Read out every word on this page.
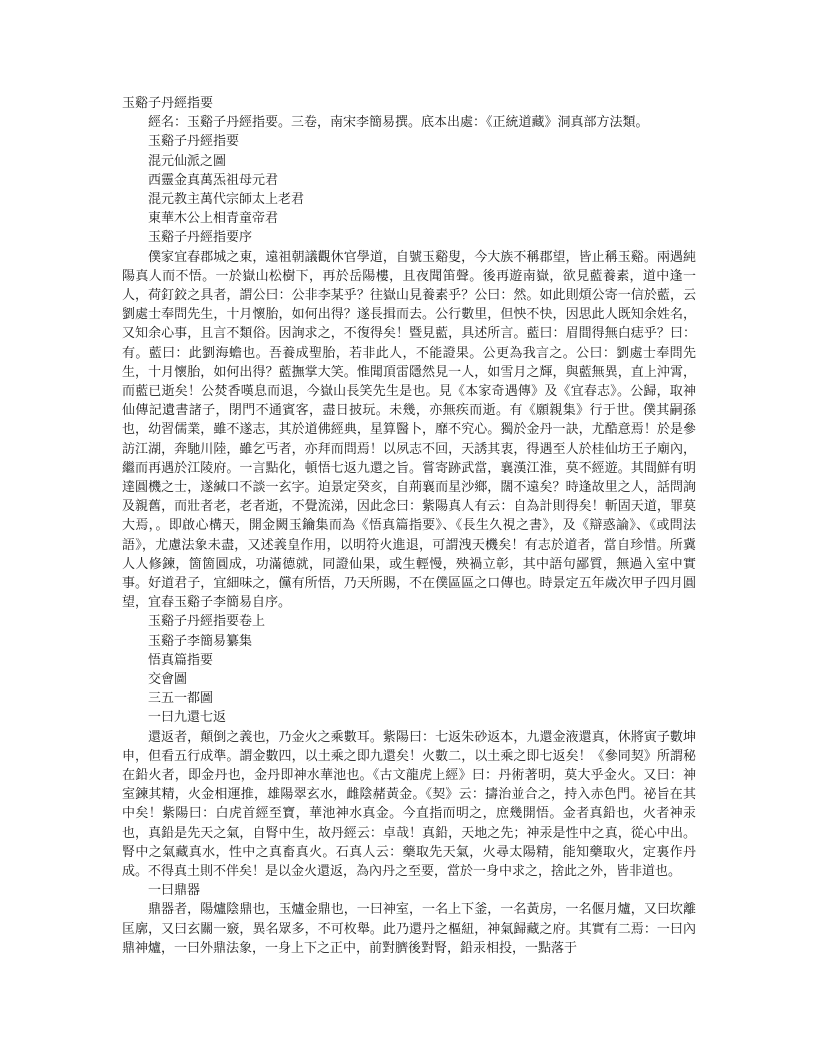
玉谿子丹經指要
經名：玉谿子丹經指要。三卷，南宋李簡易撰。底本出處：《正統道藏》洞真部方法類。
玉谿子丹經指要
混元仙派之圖
西靈金真萬炁祖母元君
混元教主萬代宗師太上老君
東華木公上相青童帝君
玉谿子丹經指要序
僕家宜春郡城之東，遠祖朝議觀休官學道，自號玉谿叟，今大族不稱郡望，皆止稱玉谿。兩遇純陽真人而不悟。一於嶽山松樹下，再於岳陽樓，且夜聞笛聲。後再遊南嶽，欲見藍養素，道中逢一人，荷釘鉸之具者，謂公曰：公非李某乎？往嶽山見養素乎？公曰：然。如此則煩公寄一信於藍，云劉處士奉問先生，十月懷胎，如何出得？遂長揖而去。公行數里，但怏不快，因思此人既知余姓名，又知余心事，且言不類俗。因詢求之，不復得矣！暨見藍，具述所言。藍曰：眉間得無白痣乎？曰：有。藍曰：此劉海蟾也。吾養成聖胎，若非此人，不能證果。公更為我言之。公曰：劉處士奉問先生，十月懷胎，如何出得？藍撫掌大笑。惟聞頂雷隱然見一人，如雪月之輝，與藍無異，直上沖霄，而藍已逝矣！公焚香嘆息而退，今嶽山長笑先生是也。見《本家奇遇傳》及《宜春志》。公歸，取神仙傳記遺書諸子，閉門不通賓客，盡日披玩。未幾，亦無疾而逝。有《願親集》行于世。僕其嗣孫也，幼習儒業，雖不遂志，其於道佛經典，星算醫卜，靡不究心。獨於金丹一訣，尤酷意焉！於是參訪江湖，奔馳川陸，雖乞丐者，亦拜而問焉！以夙志不回，天誘其衷，得遇至人於桂仙坊王子廟內，繼而再遇於江陵府。一言點化，頓悟七返九還之旨。嘗寄跡武當，襄漢江淮，莫不經遊。其間鮮有明達圓機之士，遂緘口不談一玄字。迫景定癸亥，自荊襄而星沙鄉，闊不遠矣？時逢故里之人，話問詢及親舊，而壯者老，老者逝，不覺流涕，因此念曰：紫陽真人有云：自為計則得矣！斬固天道，罪莫大焉，。即啟心構天，開金闕玉鑰集而為《悟真篇指要》、《長生久視之書》，及《辯惑論》、《或問法語》，尤慮法象未盡，又述義皇作用，以明符火進退，可謂洩天機矣！有志於道者，當自珍惜。所冀人人修鍊，箇箇圓成，功滿德就，同證仙果，或生輕慢，殃禍立彰，其中語句鄙質，無過入室中實事。好道君子，宜細味之，儻有所悟，乃天所賜，不在僕區區之口傳也。時景定五年歲次甲子四月圓望，宜春玉谿子李簡易自序。
玉谿子丹經指要卷上
玉谿子李簡易纂集
悟真篇指要
交會圖
三五一都圖
一曰九還七返
還返者，顛倒之義也，乃金火之乘數耳。紫陽曰：七返朱砂返本，九還金液還真，休將寅子數坤申，但看五行成準。謂金數四，以土乘之即九還矣！火數二，以土乘之即七返矣！《參同契》所謂秘在鉛火者，即金丹也，金丹即神水華池也。《古文龍虎上經》曰：丹術著明，莫大乎金火。又曰：神室鍊其精，火金相運推，雄陽翠玄水，雌陰赭黃金。《契》云：擣治並合之，持入赤色門。祕旨在其中矣！紫陽曰：白虎首經至寶，華池神水真金。今直指而明之，庶幾開悟。金者真鉛也，火者神汞也，真鉛是先天之氣，自腎中生，故丹經云：卓哉！真鉛，天地之先；神汞是性中之真，從心中出。腎中之氣藏真水，性中之真畜真火。石真人云：藥取先天氣，火尋太陽精，能知藥取火，定裏作丹成。不得真土則不伴矣！是以金火還返，為內丹之至要，當於一身中求之，捨此之外，皆非道也。
一曰鼎器
鼎器者，陽爐陰鼎也，玉爐金鼎也，一曰神室，一名上下釜，一名黃房，一名偃月爐，又曰坎離匡廓，又曰玄關一竅，異名眾多，不可枚舉。此乃還丹之樞紐，神氣歸藏之府。其實有二焉：一曰內鼎神爐，一曰外鼎法象，一身上下之正中，前對臍後對腎，鉛汞相投，一點落于
